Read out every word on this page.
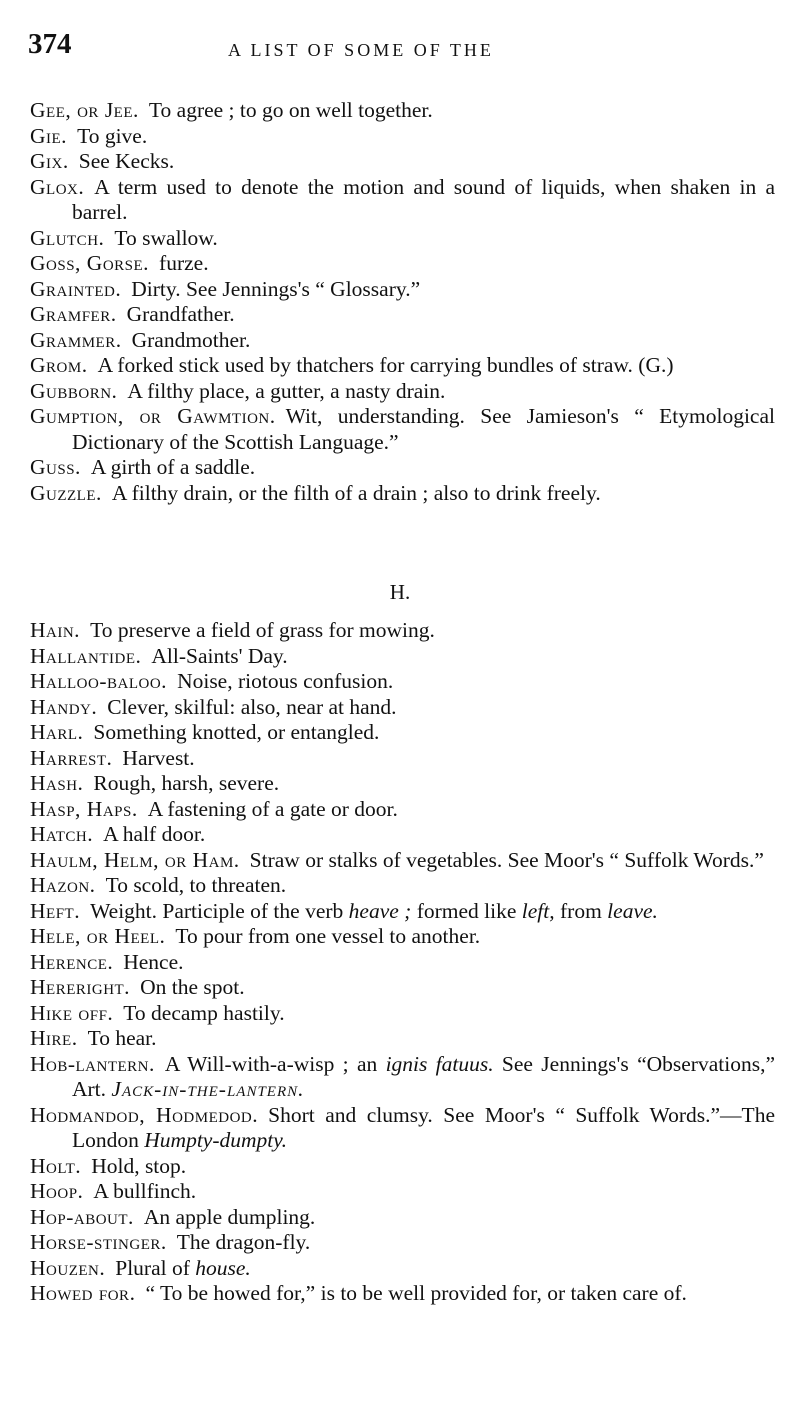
374	A LIST OF SOME OF THE

Gee, or Jee. To agree ; to go on well together.

Gie. To give.

Gix. See Kecks.

Glox. A term used to denote the motion and sound of liquids, when shaken in a barrel.

Glutch. To swallow.

Goss, Gorse. furze.

Grainted. Dirty. See Jennings's “ Glossary.”

Gramfer. Grandfather.

Grammer. Grandmother.

Grom. A forked stick used by thatchers for carrying bundles of straw. (G.)

Gubborn. A filthy place, a gutter, a nasty drain.

Gumption, or Gawmtion. Wit, understanding. See Jamieson's “ Etymological Dictionary of the Scottish Language.”

Guss. A girth of a saddle.

Guzzle. A filthy drain, or the filth of a drain ; also to drink freely.

H.

Hain. To preserve a field of grass for mowing.

Hallantide. All-Saints' Day.

Halloo-baloo. Noise, riotous confusion.

Handy. Clever, skilful: also, near at hand.

Harl. Something knotted, or entangled.

Harrest. Harvest.

Hash. Rough, harsh, severe.

Hasp, Haps. A fastening of a gate or door.

Hatch. A half door.

Haulm, Helm, or Ham. Straw or stalks of vegetables. See Moor's “ Suffolk Words.”

Hazon. To scold, to threaten.

Heft. Weight. Participle of the verb heave ; formed like left, from leave.

Hele, or Heel. To pour from one vessel to another.

Herence. Hence.

Hereright. On the spot.

Hike off. To decamp hastily.

Hire. To hear.

Hob-lantern. A Will-with-a-wisp ; an ignis fatuus. See Jennings's “Observations,” Art. Jack-in-the-lantern.

Hodmandod, Hodmedod. Short and clumsy. See Moor's “ Suffolk Words.”—The London Humpty-dumpty.

Holt. Hold, stop.

Hoop. A bullfinch.

Hop-about. An apple dumpling.

Horse-stinger. The dragon-fly.

Houzen. Plural of house.

Howed for. “ To be howed for,” is to be well provided for, or taken care of.
